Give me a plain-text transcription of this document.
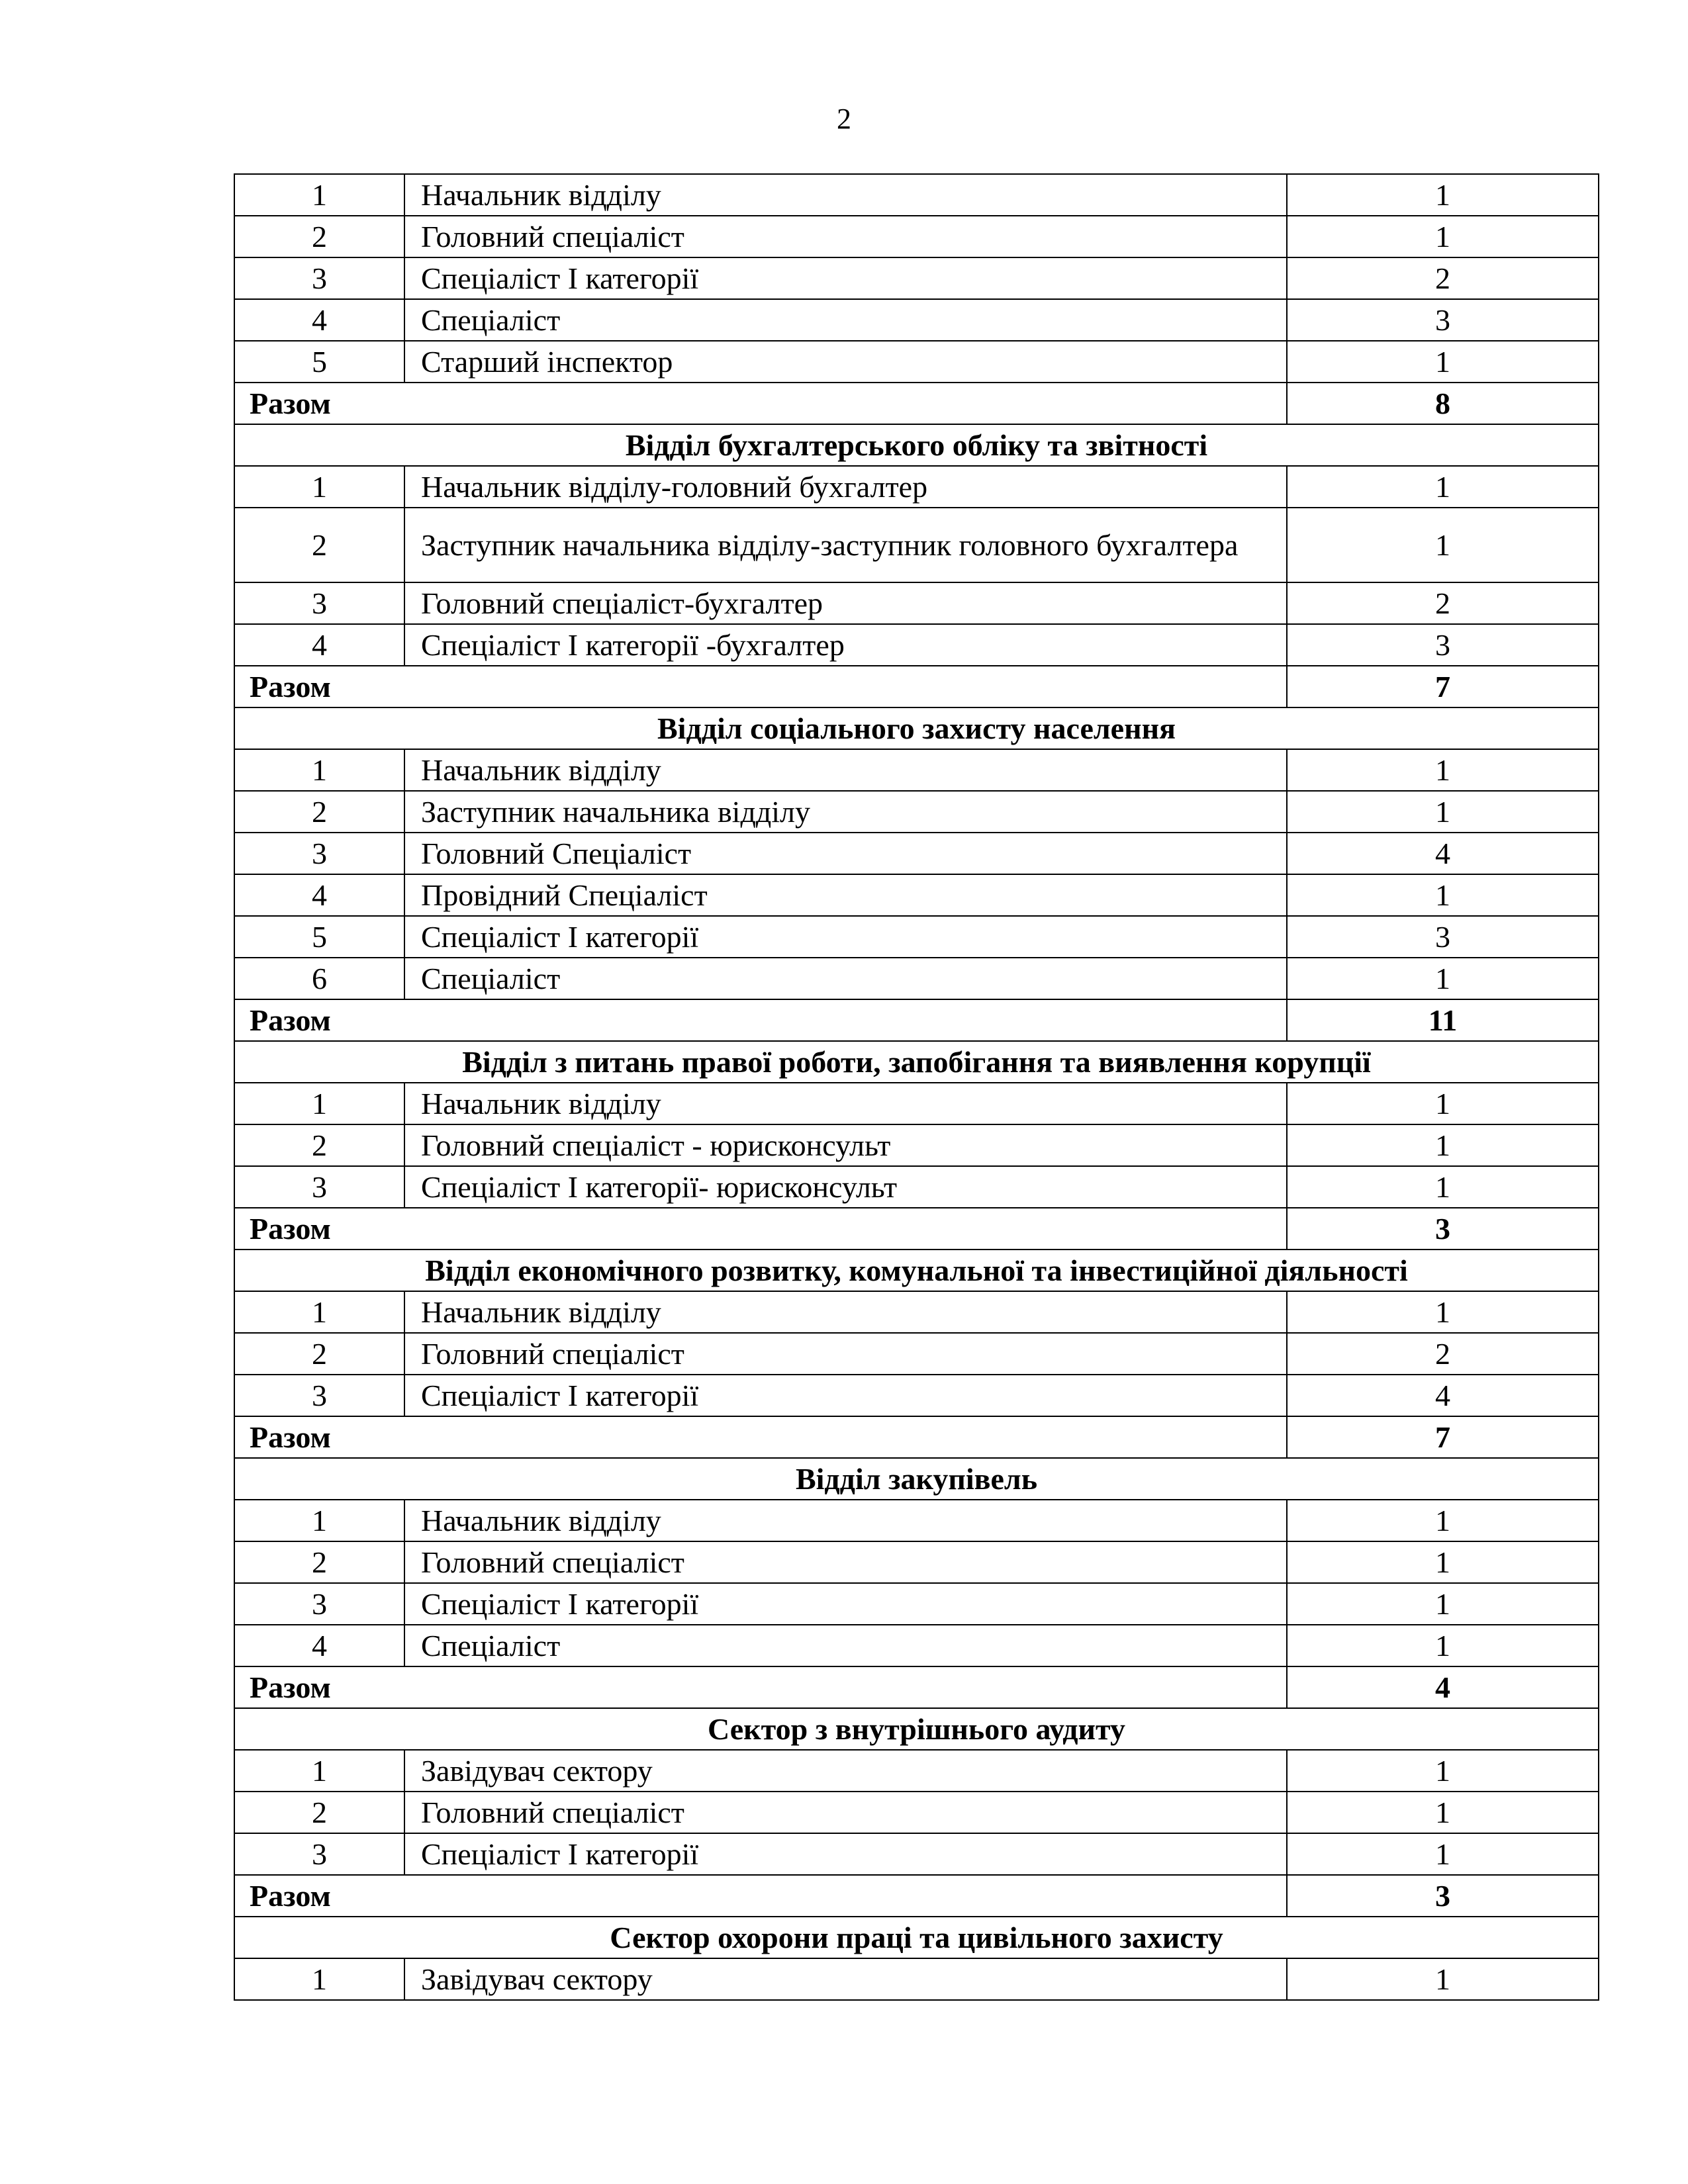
2
1	Начальник відділу	1
2	Головний спеціаліст	1
3	Спеціаліст І категорії	2
4	Спеціаліст	3
5	Старший інспектор	1
Разом		8
Відділ бухгалтерського обліку та звітності		
1	Начальник відділу-головний бухгалтер	1
2	Заступник начальника відділу-заступник головного бухгалтера	1
3	Головний спеціаліст-бухгалтер	2
4	Спеціаліст І категорії -бухгалтер	3
Разом		7
Відділ соціального захисту населення		
1	Начальник відділу	1
2	Заступник начальника відділу	1
3	Головний Спеціаліст	4
4	Провідний Спеціаліст	1
5	Спеціаліст І категорії	3
6	Спеціаліст	1
Разом		11
Відділ з питань правої роботи, запобігання та виявлення корупції		
1	Начальник відділу	1
2	Головний спеціаліст - юрисконсульт	1
3	Спеціаліст І категорії- юрисконсульт	1
Разом		3
Відділ економічного розвитку, комунальної та інвестиційної діяльності		
1	Начальник відділу	1
2	Головний спеціаліст	2
3	Спеціаліст І категорії	4
Разом		7
Відділ закупівель		
1	Начальник відділу	1
2	Головний спеціаліст	1
3	Спеціаліст І категорії	1
4	Спеціаліст	1
Разом		4
Сектор з внутрішнього аудиту		
1	Завідувач сектору	1
2	Головний спеціаліст	1
3	Спеціаліст І категорії	1
Разом		3
Сектор охорони праці та цивільного захисту		
1	Завідувач сектору	1
